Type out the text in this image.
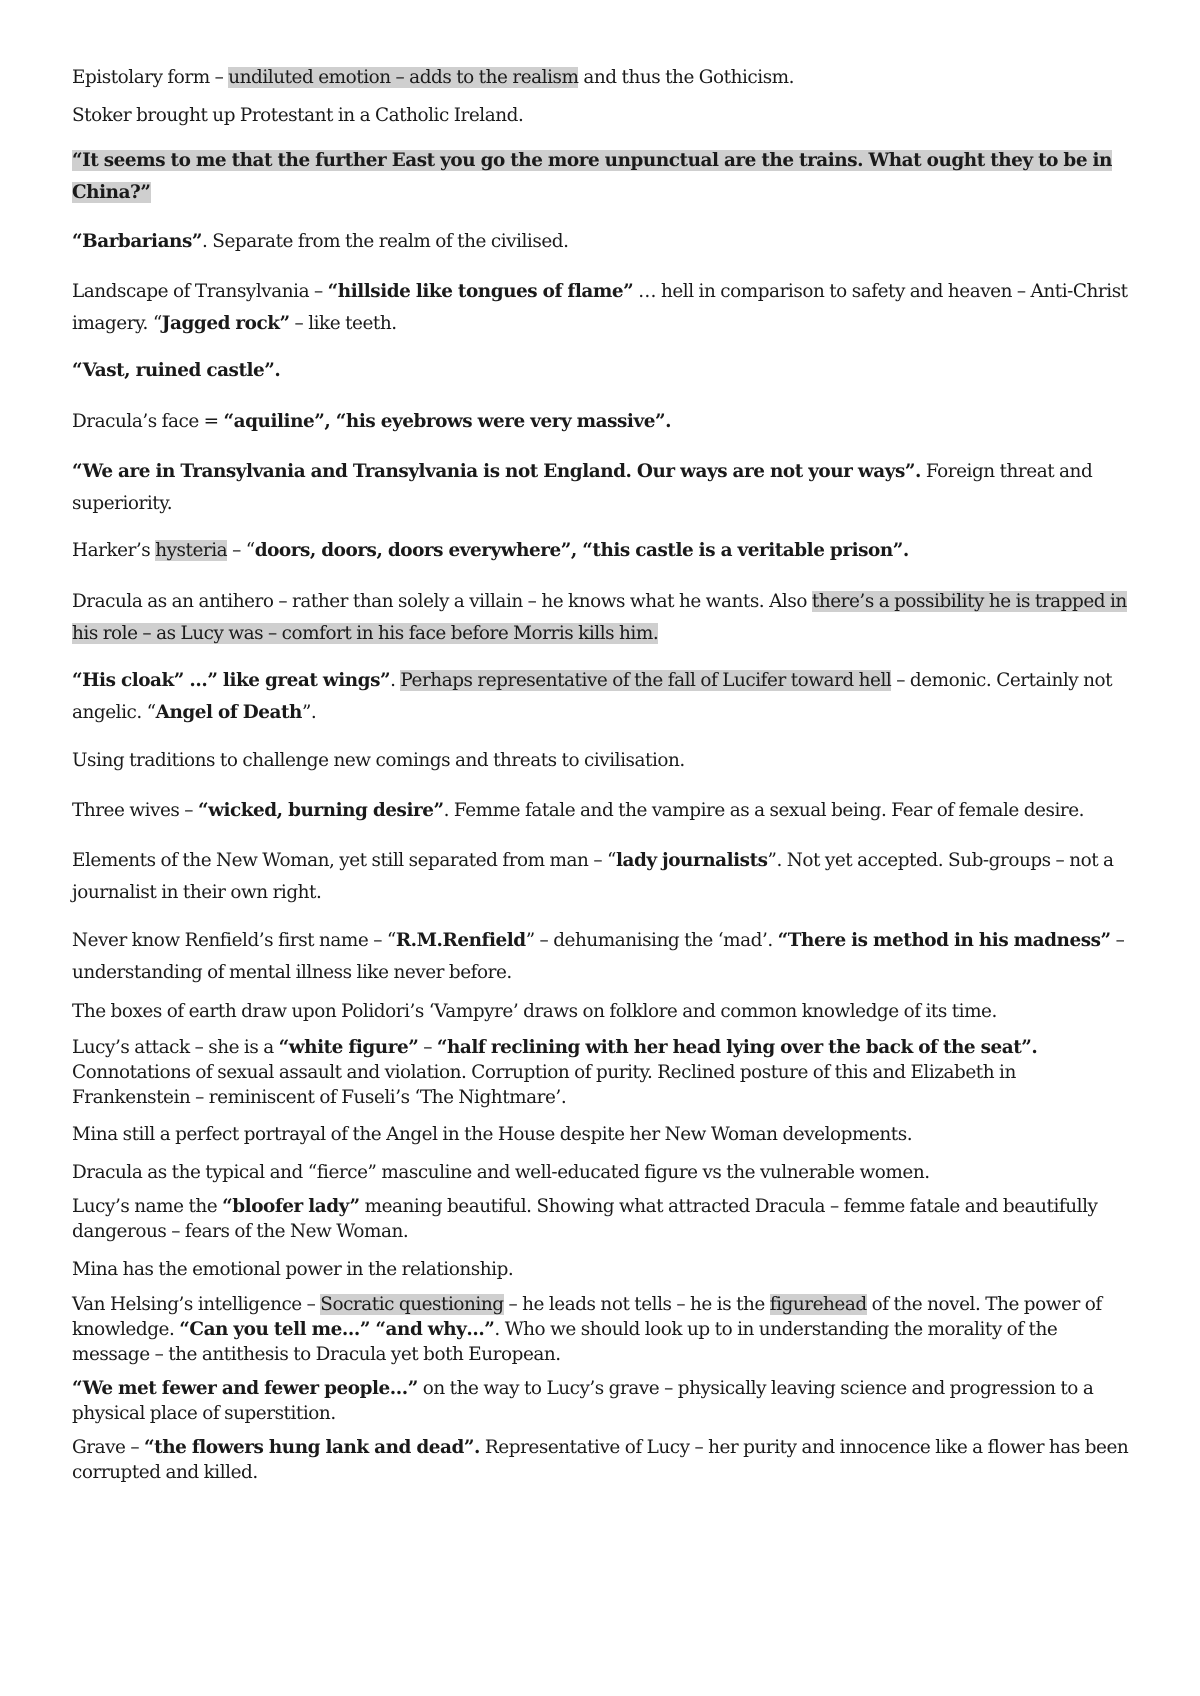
Epistolary form – undiluted emotion – adds to the realism and thus the Gothicism.

Stoker brought up Protestant in a Catholic Ireland.

“It seems to me that the further East you go the more unpunctual are the trains. What ought they to be in China?”

“Barbarians”. Separate from the realm of the civilised.

Landscape of Transylvania – “hillside like tongues of flame” … hell in comparison to safety and heaven – Anti-Christ imagery. “Jagged rock” – like teeth.

“Vast, ruined castle”.

Dracula’s face = “aquiline”, “his eyebrows were very massive”.

“We are in Transylvania and Transylvania is not England. Our ways are not your ways”. Foreign threat and superiority.

Harker’s hysteria – “doors, doors, doors everywhere”, “this castle is a veritable prison”.

Dracula as an antihero – rather than solely a villain – he knows what he wants. Also there’s a possibility he is trapped in his role – as Lucy was – comfort in his face before Morris kills him.

“His cloak” …” like great wings”. Perhaps representative of the fall of Lucifer toward hell – demonic. Certainly not angelic. “Angel of Death”.

Using traditions to challenge new comings and threats to civilisation.

Three wives – “wicked, burning desire”. Femme fatale and the vampire as a sexual being. Fear of female desire.

Elements of the New Woman, yet still separated from man – “lady journalists”. Not yet accepted. Sub-groups – not a journalist in their own right.

Never know Renfield’s first name – “R.M.Renfield” – dehumanising the ‘mad’. “There is method in his madness” – understanding of mental illness like never before.

The boxes of earth draw upon Polidori’s ‘Vampyre’ draws on folklore and common knowledge of its time.

Lucy’s attack – she is a “white figure” – “half reclining with her head lying over the back of the seat”. Connotations of sexual assault and violation. Corruption of purity. Reclined posture of this and Elizabeth in Frankenstein – reminiscent of Fuseli’s ‘The Nightmare’.

Mina still a perfect portrayal of the Angel in the House despite her New Woman developments.

Dracula as the typical and “fierce” masculine and well-educated figure vs the vulnerable women.

Lucy’s name the “bloofer lady” meaning beautiful. Showing what attracted Dracula – femme fatale and beautifully dangerous – fears of the New Woman.

Mina has the emotional power in the relationship.

Van Helsing’s intelligence – Socratic questioning – he leads not tells – he is the figurehead of the novel. The power of knowledge. “Can you tell me…” “and why…”. Who we should look up to in understanding the morality of the message – the antithesis to Dracula yet both European.

“We met fewer and fewer people…” on the way to Lucy’s grave – physically leaving science and progression to a physical place of superstition.

Grave – “the flowers hung lank and dead”. Representative of Lucy – her purity and innocence like a flower has been corrupted and killed.
